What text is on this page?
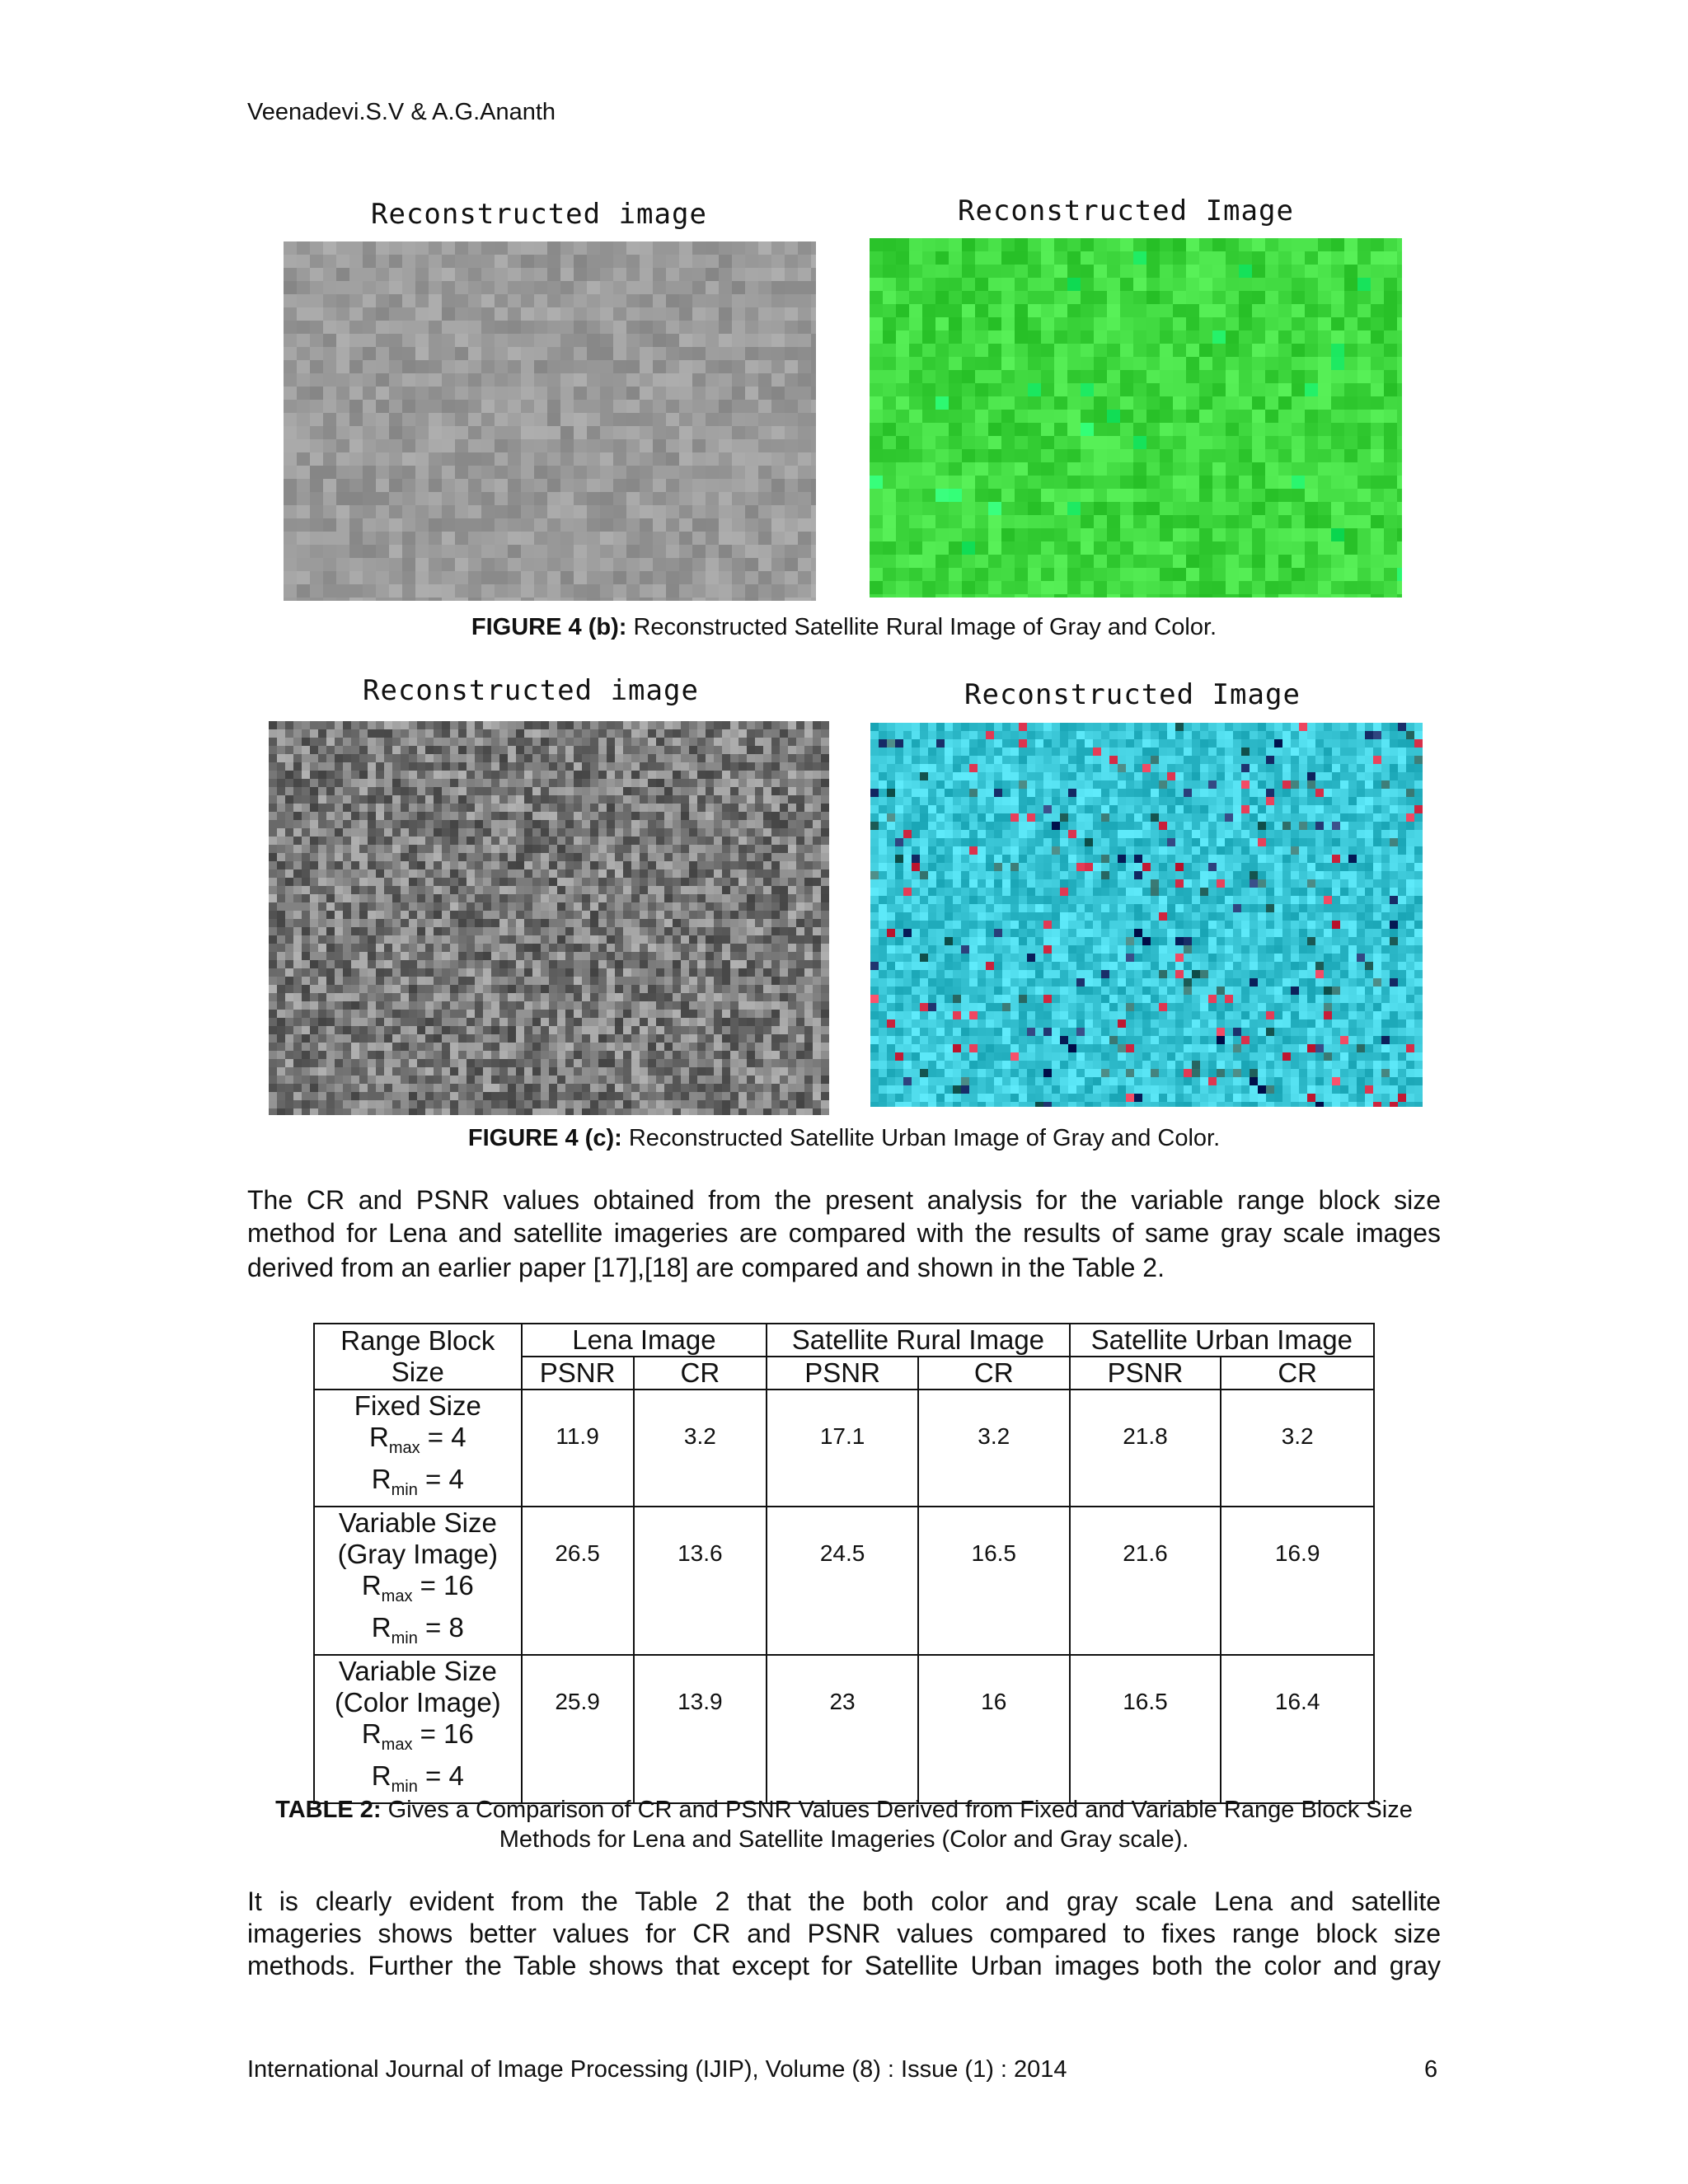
Veenadevi.S.V & A.G.Ananth
Reconstructed image	Reconstructed Image
FIGURE 4 (b): Reconstructed Satellite Rural Image of Gray and Color.
Reconstructed image	Reconstructed Image
FIGURE 4 (c): Reconstructed Satellite Urban Image of Gray and Color.
The CR and PSNR values obtained from the present analysis for the variable range block size
method for Lena and satellite imageries are compared with the results of same gray scale images
derived from an earlier paper [17],[18] are compared and shown in the Table 2.
Range Block
Size	Lena Image		Satellite Rural Image		Satellite Urban Image	
	PSNR	CR	PSNR	CR	PSNR	CR

Fixed Size
$R_{max} = 4$
$R_{min} = 4$	11.9	3.2	17.1	3.2	21.8	3.2

Variable Size
(Gray Image)
$R_{max} = 16$
$R_{min} = 8$	26.5	13.6	24.5	16.5	21.6	16.9

Variable Size
(Color Image)
$R_{max} = 16$
$R_{min} = 4$	25.9	13.9	23	16	16.5	16.4
TABLE 2: Gives a Comparison of CR and PSNR Values Derived from Fixed and Variable Range Block Size
Methods for Lena and Satellite Imageries (Color and Gray scale).
It is clearly evident from the Table 2 that the both color and gray scale Lena and satellite
imageries shows better values for CR and PSNR values compared to fixes range block size
methods. Further the Table shows that except for Satellite Urban images both the color and gray
International Journal of Image Processing (IJIP), Volume (8) : Issue (1) : 2014	6
